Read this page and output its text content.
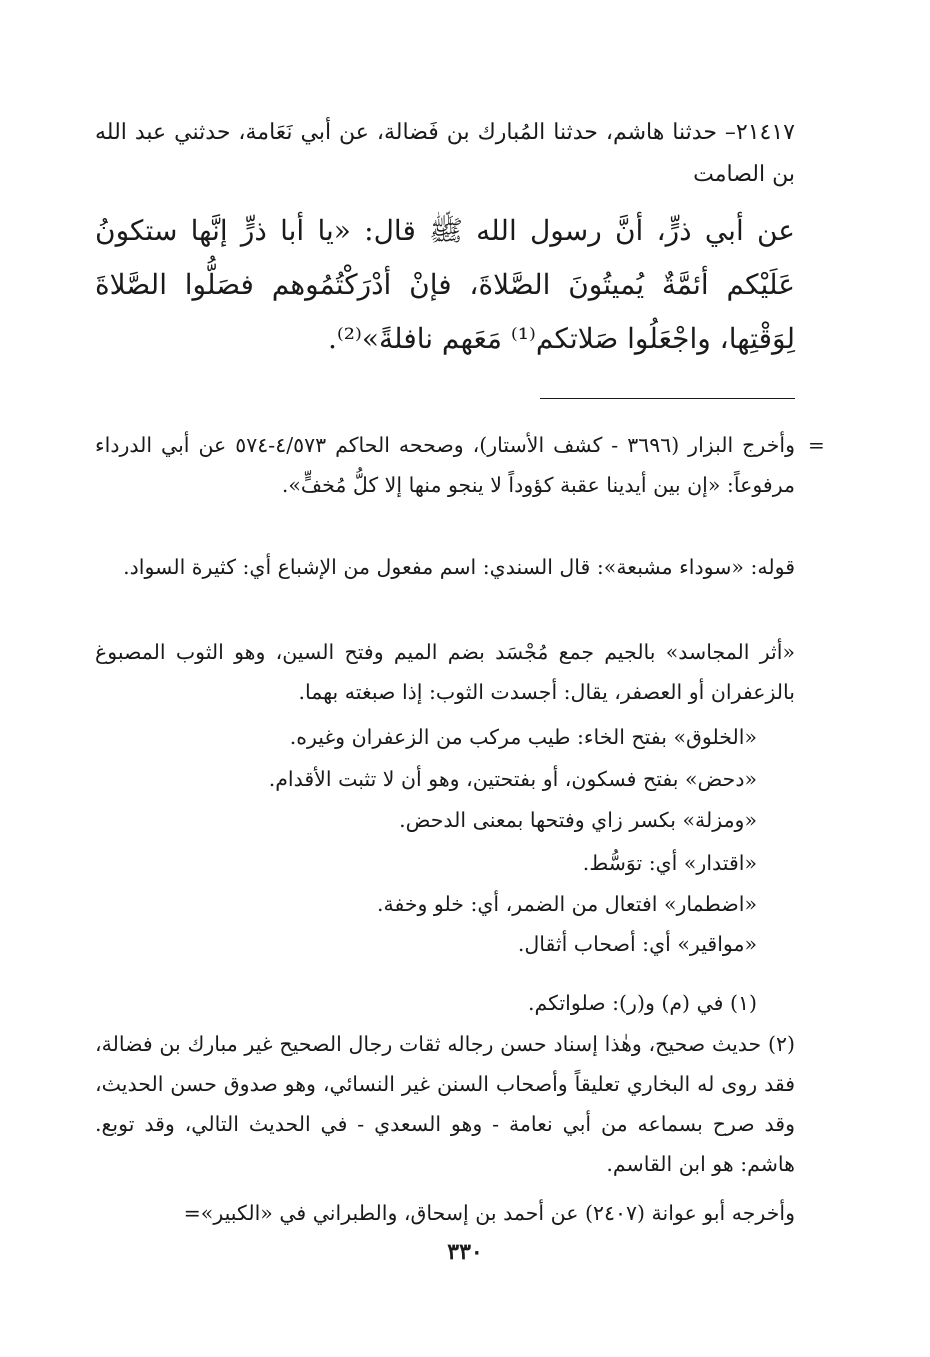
٢١٤١٧– حدثنا هاشم، حدثنا المُبارك بن فَضالة، عن أبي نَعَامة، حدثني عبد الله بن الصامت
عن أبي ذرٍّ، أنَّ رسول الله ﷺ قال: «يا أبا ذرٍّ إنَّها ستكونُ عَلَيْكم أئمَّةٌ يُميتُونَ الصَّلاةَ، فإنْ أدْرَكْتُمُوهم فصَلُّوا الصَّلاةَ لِوَقْتِها، واجْعَلُوا صَلاتكم⁽¹⁾ مَعَهم نافلةً»⁽²⁾.
=
وأخرج البزار (٣٦٩٦ - كشف الأستار)، وصححه الحاكم ٤/٥٧٣-٥٧٤ عن أبي الدرداء مرفوعاً: «إن بين أيدينا عقبة كؤوداً لا ينجو منها إلا كلُّ مُخفٍّ».
قوله: «سوداء مشبعة»: قال السندي: اسم مفعول من الإشباع أي: كثيرة السواد.
«أثر المجاسد» بالجيم جمع مُجْسَد بضم الميم وفتح السين، وهو الثوب المصبوغ بالزعفران أو العصفر، يقال: أجسدت الثوب: إذا صبغته بهما.
«الخلوق» بفتح الخاء: طيب مركب من الزعفران وغيره.
«دحض» بفتح فسكون، أو بفتحتين، وهو أن لا تثبت الأقدام.
«ومزلة» بكسر زاي وفتحها بمعنى الدحض.
«اقتدار» أي: توَسُّط.
«اضطمار» افتعال من الضمر، أي: خلو وخفة.
«مواقير» أي: أصحاب أثقال.
(١) في (م) و(ر): صلواتكم.
(٢) حديث صحيح، وهٰذا إسناد حسن رجاله ثقات رجال الصحيح غير مبارك بن فضالة، فقد روى له البخاري تعليقاً وأصحاب السنن غير النسائي، وهو صدوق حسن الحديث، وقد صرح بسماعه من أبي نعامة - وهو السعدي - في الحديث التالي، وقد توبع. هاشم: هو ابن القاسم.
وأخرجه أبو عوانة (٢٤٠٧) عن أحمد بن إسحاق، والطبراني في «الكبير»=
٣٣٠
